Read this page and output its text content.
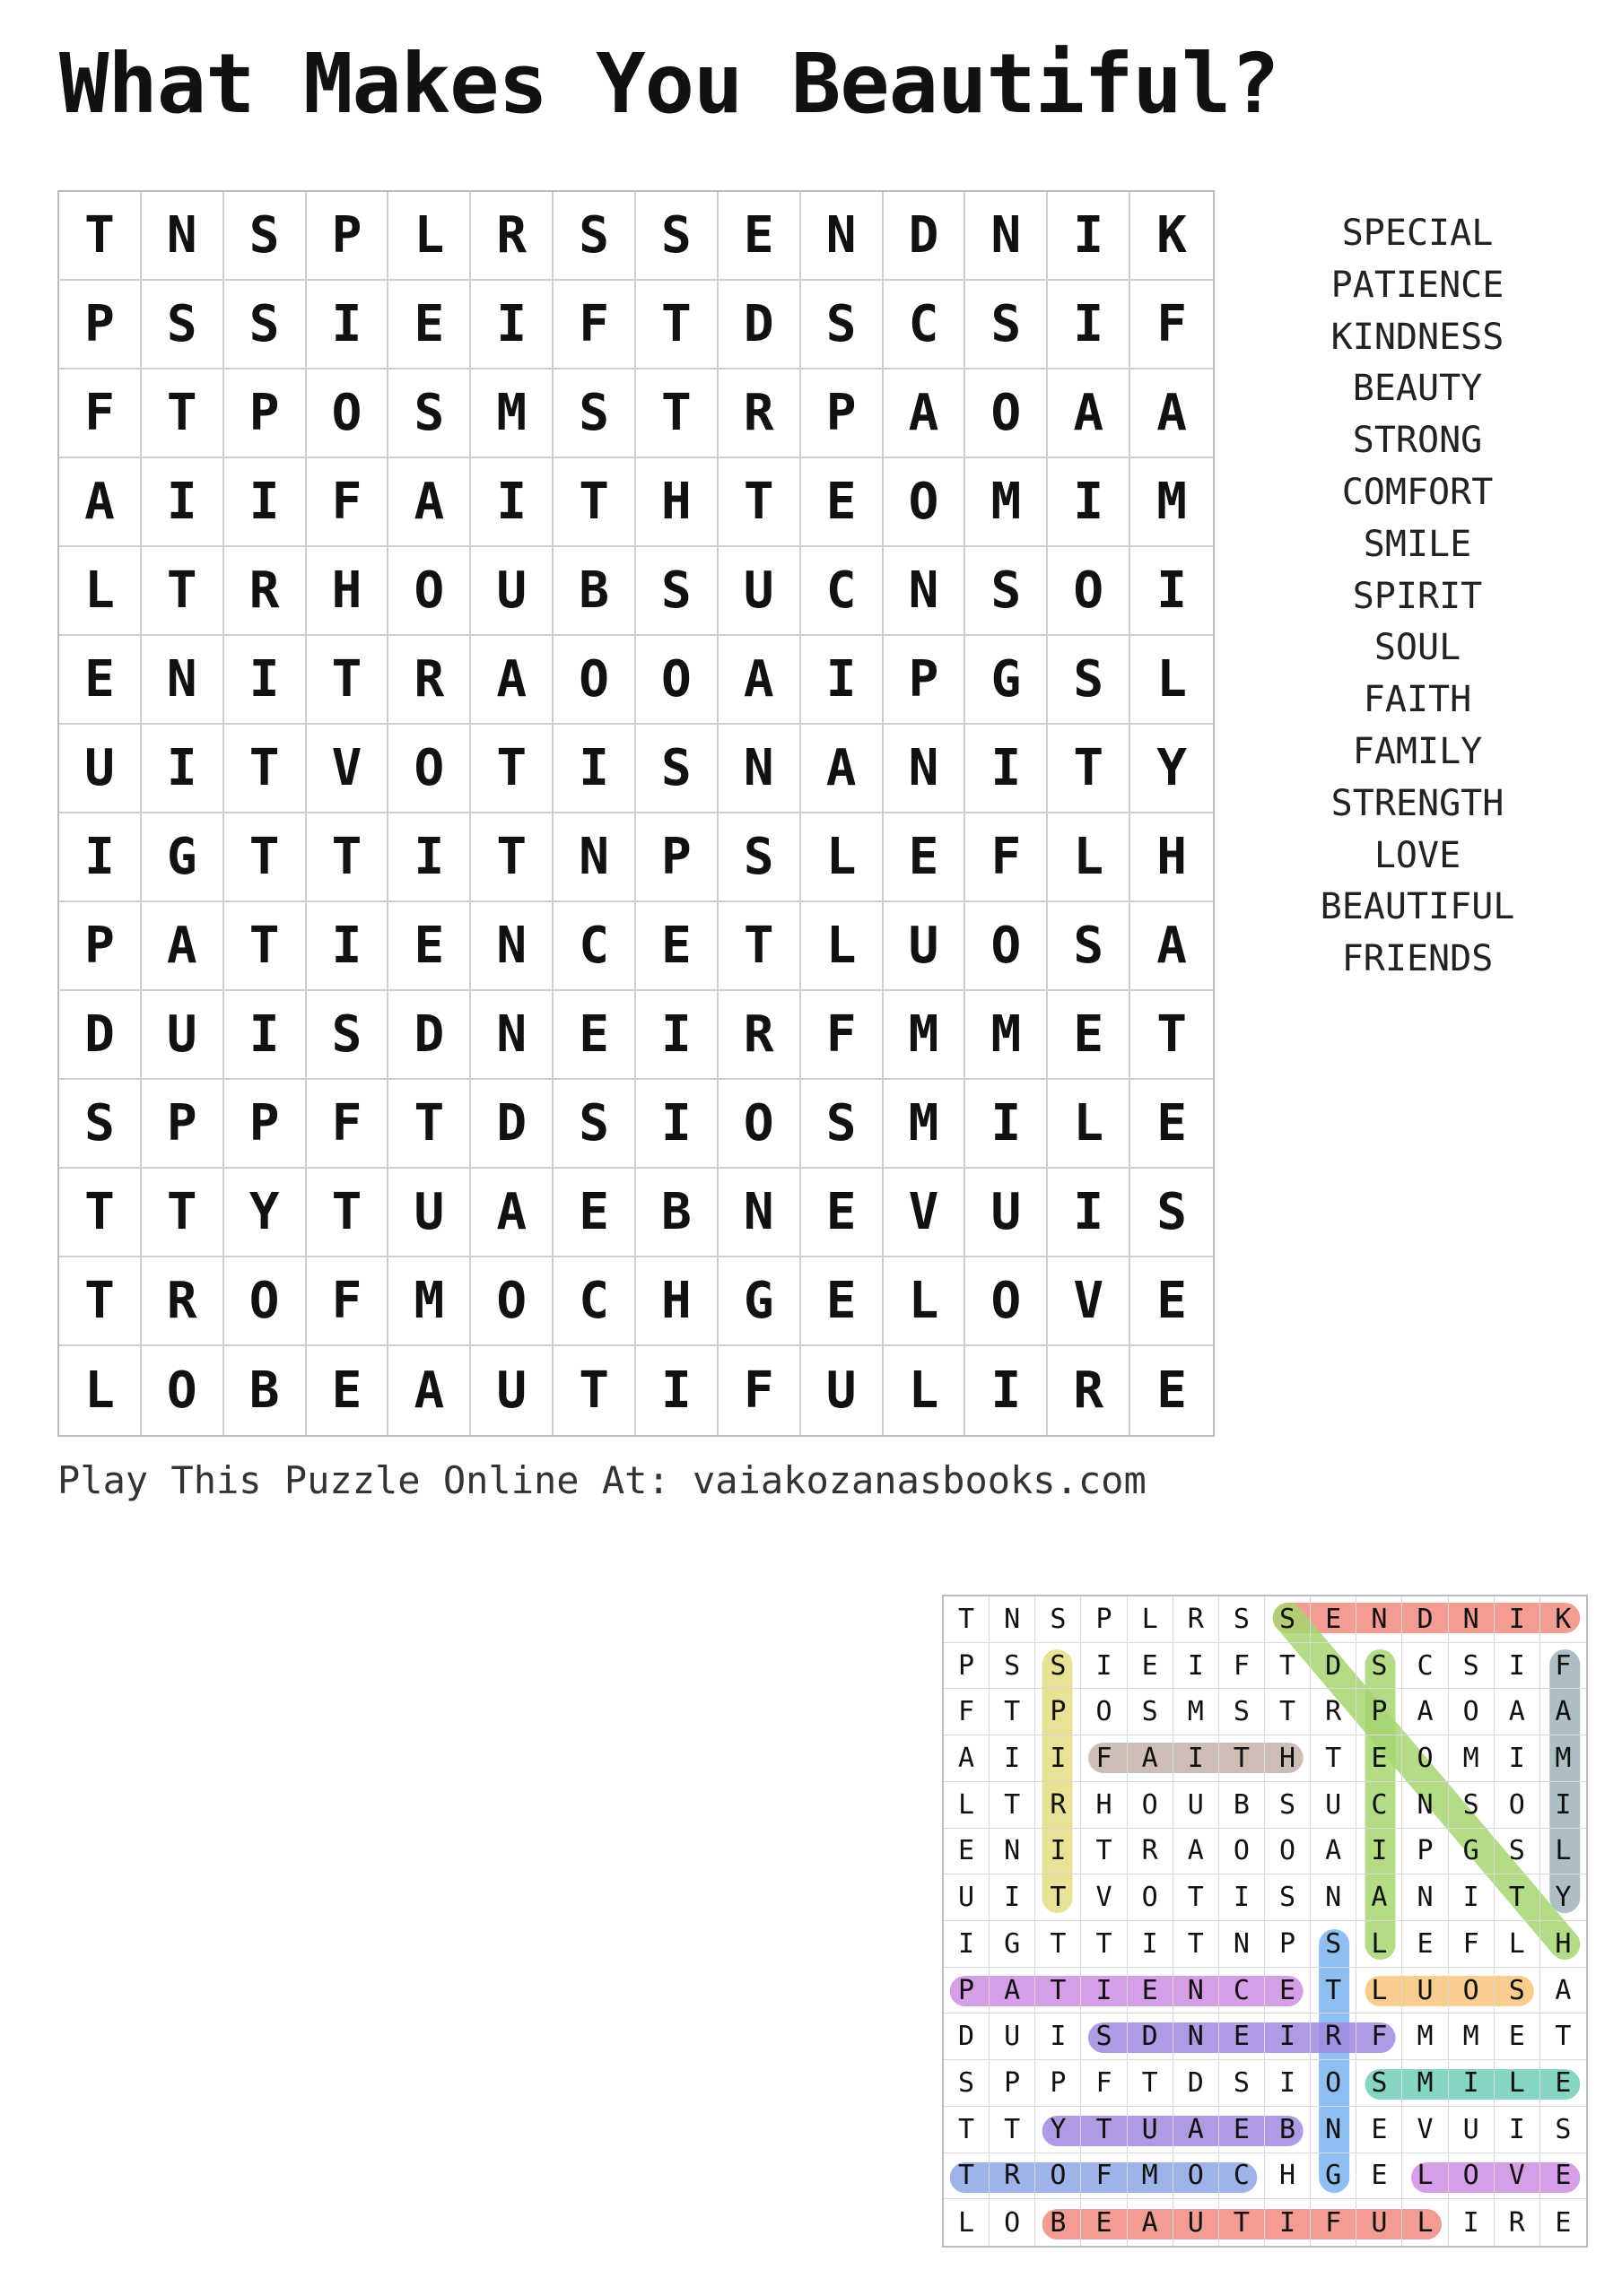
What Makes You Beautiful?
T	N	S	P	L	R	S	S	E	N	D	N	I	K
P	S	S	I	E	I	F	T	D	S	C	S	I	F
F	T	P	O	S	M	S	T	R	P	A	O	A	A
A	I	I	F	A	I	T	H	T	E	O	M	I	M
L	T	R	H	O	U	B	S	U	C	N	S	O	I
E	N	I	T	R	A	O	O	A	I	P	G	S	L
U	I	T	V	O	T	I	S	N	A	N	I	T	Y
I	G	T	T	I	T	N	P	S	L	E	F	L	H
P	A	T	I	E	N	C	E	T	L	U	O	S	A
D	U	I	S	D	N	E	I	R	F	M	M	E	T
S	P	P	F	T	D	S	I	O	S	M	I	L	E
T	T	Y	T	U	A	E	B	N	E	V	U	I	S
T	R	O	F	M	O	C	H	G	E	L	O	V	E
L	O	B	E	A	U	T	I	F	U	L	I	R	E
SPECIAL
PATIENCE
KINDNESS
BEAUTY
STRONG
COMFORT
SMILE
SPIRIT
SOUL
FAITH
FAMILY
STRENGTH
LOVE
BEAUTIFUL
FRIENDS
Play This Puzzle Online At: vaiakozanasbooks.com
T	N	S	P	L	R	S	S	E	N	D	N	I	K
P	S	S	I	E	I	F	T	D	S	C	S	I	F
F	T	P	O	S	M	S	T	R	P	A	O	A	A
A	I	I	F	A	I	T	H	T	E	O	M	I	M
L	T	R	H	O	U	B	S	U	C	N	S	O	I
E	N	I	T	R	A	O	O	A	I	P	G	S	L
U	I	T	V	O	T	I	S	N	A	N	I	T	Y
I	G	T	T	I	T	N	P	S	L	E	F	L	H
P	A	T	I	E	N	C	E	T	L	U	O	S	A
D	U	I	S	D	N	E	I	R	F	M	M	E	T
S	P	P	F	T	D	S	I	O	S	M	I	L	E
T	T	Y	T	U	A	E	B	N	E	V	U	I	S
T	R	O	F	M	O	C	H	G	E	L	O	V	E
L	O	B	E	A	U	T	I	F	U	L	I	R	E
